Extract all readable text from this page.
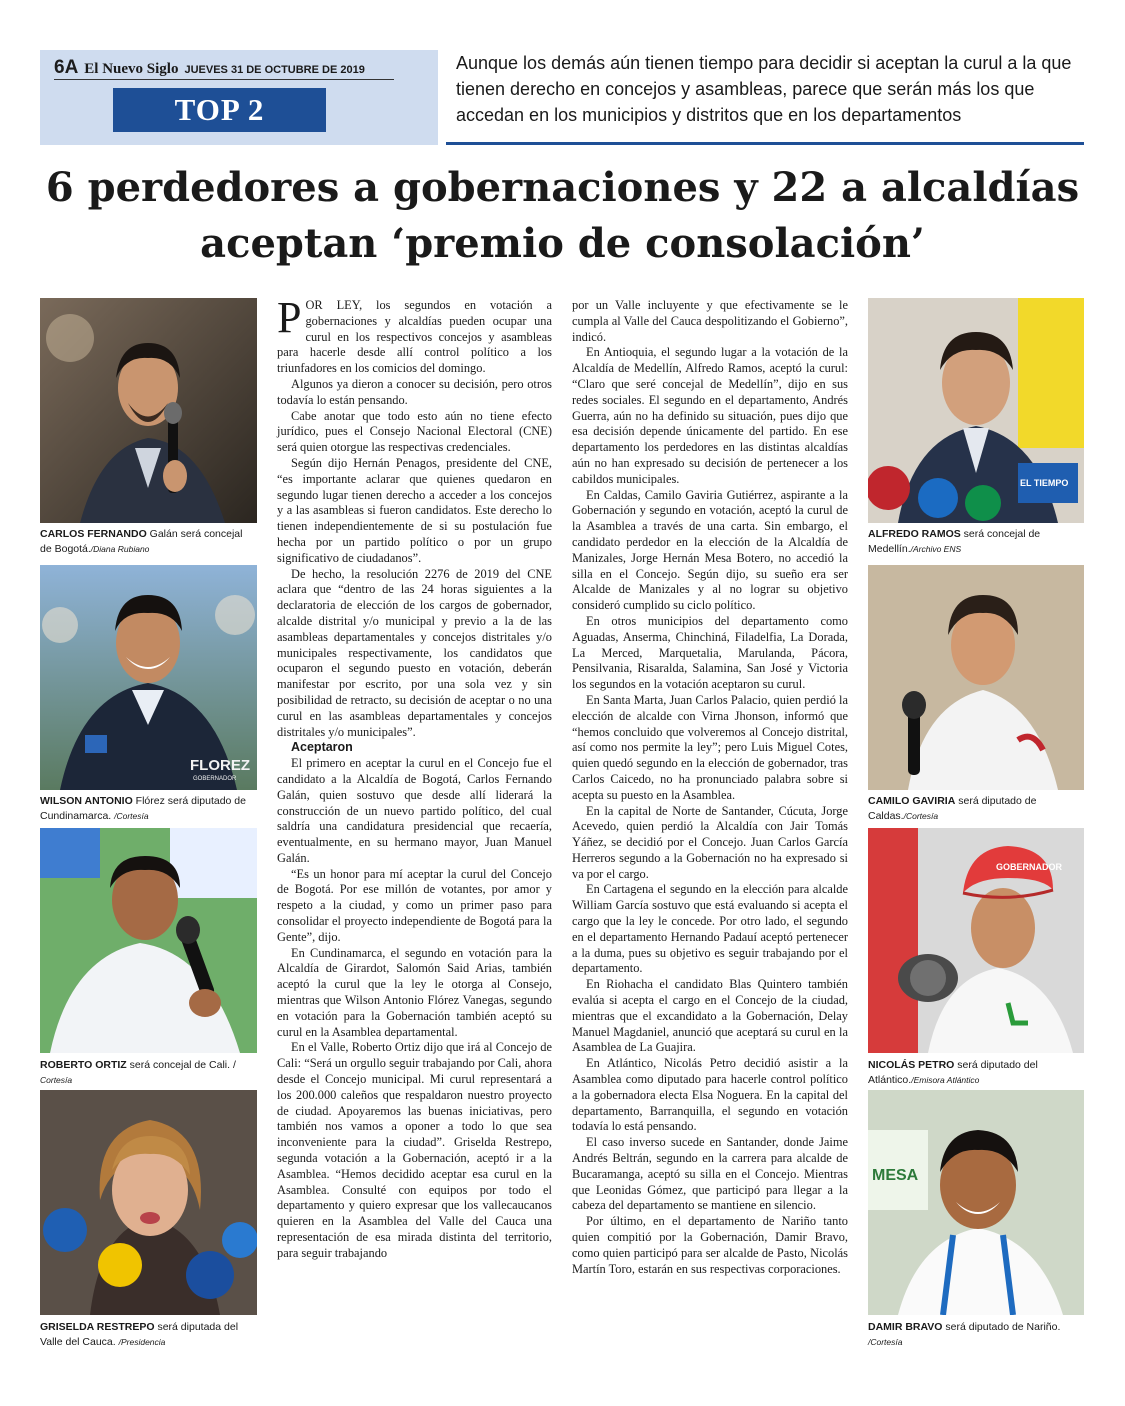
6A El Nuevo Siglo JUEVES 31 DE OCTUBRE DE 2019
TOP 2
Aunque los demás aún tienen tiempo para decidir si aceptan la curul a la que tienen derecho en concejos y asambleas, parece que serán más los que accedan en los municipios y distritos que en los departamentos
6 perdedores a gobernaciones y 22 a alcaldías aceptan ‘premio de consolación’
CARLOS FERNANDO Galán será concejal de Bogotá./Diana Rubiano
FLOREZ
GOBERNADOR
WILSON ANTONIO Flórez será diputado de Cundinamarca. /Cortesía
ROBERTO ORTIZ será concejal de Cali. /
Cortesía
GRISELDA RESTREPO será diputada del Valle del Cauca. /Presidencia
EL TIEMPO
ALFREDO RAMOS será concejal de Medellín./Archivo ENS
CAMILO GAVIRIA será diputado de Caldas./Cortesía
GOBERNADOR
NICOLÁS PETRO será diputado del Atlántico./Emisora Atlántico
MESA
DAMIR BRAVO será diputado de Nariño.
/Cortesía

POR LEY, los segundos en votación a gobernaciones y alcaldías pueden ocupar una curul en los respectivos concejos y asambleas para hacerle desde allí control político a los triunfadores en los comicios del domingo.

Algunos ya dieron a conocer su decisión, pero otros todavía lo están pensando.

Cabe anotar que todo esto aún no tiene efecto jurídico, pues el Consejo Nacional Electoral (CNE) será quien otorgue las respectivas credenciales.

Según dijo Hernán Penagos, presidente del CNE, “es importante aclarar que quienes quedaron en segundo lugar tienen derecho a acceder a los concejos y a las asambleas si fueron candidatos. Este derecho lo tienen independientemente de si su postulación fue hecha por un partido político o por un grupo significativo de ciudadanos”.

De hecho, la resolución 2276 de 2019 del CNE aclara que “dentro de las 24 horas siguientes a la declaratoria de elección de los cargos de gobernador, alcalde distrital y/o municipal y previo a la de las asambleas departamentales y concejos distritales y/o municipales respectivamente, los candidatos que ocuparon el segundo puesto en votación, deberán manifestar por escrito, por una sola vez y sin posibilidad de retracto, su decisión de aceptar o no una curul en las asambleas departamentales y concejos distritales y/o municipales”.

Aceptaron

El primero en aceptar la curul en el Concejo fue el candidato a la Alcaldía de Bogotá, Carlos Fernando Galán, quien sostuvo que desde allí liderará la construcción de un nuevo partido político, del cual saldría una candidatura presidencial que recaería, eventualmente, en su hermano mayor, Juan Manuel Galán.

“Es un honor para mí aceptar la curul del Concejo de Bogotá. Por ese millón de votantes, por amor y respeto a la ciudad, y como un primer paso para consolidar el proyecto independiente de Bogotá para la Gente”, dijo.

En Cundinamarca, el segundo en votación para la Alcaldía de Girardot, Salomón Said Arias, también aceptó la curul que la ley le otorga al Consejo, mientras que Wilson Antonio Flórez Vanegas, segundo en votación para la Gobernación también aceptó su curul en la Asamblea departamental.

En el Valle, Roberto Ortiz dijo que irá al Concejo de Cali: “Será un orgullo seguir trabajando por Cali, ahora desde el Concejo municipal. Mi curul representará a los 200.000 caleños que respaldaron nuestro proyecto de ciudad. Apoyaremos las buenas iniciativas, pero también nos vamos a oponer a todo lo que sea inconveniente para la ciudad”. Griselda Restrepo, segunda votación a la Gobernación, aceptó ir a la Asamblea. “Hemos decidido aceptar esa curul en la Asamblea. Consulté con equipos por todo el departamento y quiero expresar que los vallecaucanos quieren en la Asamblea del Valle del Cauca una representación de esa mirada distinta del territorio, para seguir trabajando

por un Valle incluyente y que efectivamente se le cumpla al Valle del Cauca despolitizando el Gobierno”, indicó.

En Antioquia, el segundo lugar a la votación de la Alcaldía de Medellín, Alfredo Ramos, aceptó la curul: “Claro que seré concejal de Medellín”, dijo en sus redes sociales. El segundo en el departamento, Andrés Guerra, aún no ha definido su situación, pues dijo que esa decisión depende únicamente del partido. En ese departamento los perdedores en las distintas alcaldías aún no han expresado su decisión de pertenecer a los cabildos municipales.

En Caldas, Camilo Gaviria Gutiérrez, aspirante a la Gobernación y segundo en votación, aceptó la curul de la Asamblea a través de una carta. Sin embargo, el candidato perdedor en la elección de la Alcaldía de Manizales, Jorge Hernán Mesa Botero, no accedió la silla en el Concejo. Según dijo, su sueño era ser Alcalde de Manizales y al no lograr su objetivo consideró cumplido su ciclo político.

En otros municipios del departamento como Aguadas, Anserma, Chinchiná, Filadelfia, La Dorada, La Merced, Marquetalia, Marulanda, Pácora, Pensilvania, Risaralda, Salamina, San José y Victoria los segundos en la votación aceptaron su curul.

En Santa Marta, Juan Carlos Palacio, quien perdió la elección de alcalde con Virna Jhonson, informó que “hemos concluido que volveremos al Concejo distrital, así como nos permite la ley”; pero Luis Miguel Cotes, quien quedó segundo en la elección de gobernador, tras Carlos Caicedo, no ha pronunciado palabra sobre si acepta su puesto en la Asamblea.

En la capital de Norte de Santander, Cúcuta, Jorge Acevedo, quien perdió la Alcaldía con Jair Tomás Yáñez, se decidió por el Concejo. Juan Carlos García Herreros segundo a la Gobernación no ha expresado si va por el cargo.

En Cartagena el segundo en la elección para alcalde William García sostuvo que está evaluando si acepta el cargo que la ley le concede. Por otro lado, el segundo en el departamento Hernando Padauí aceptó pertenecer a la duma, pues su objetivo es seguir trabajando por el departamento.

En Riohacha el candidato Blas Quintero también evalúa si acepta el cargo en el Concejo de la ciudad, mientras que el excandidato a la Gobernación, Delay Manuel Magdaniel, anunció que aceptará su curul en la Asamblea de La Guajira.

En Atlántico, Nicolás Petro decidió asistir a la Asamblea como diputado para hacerle control político a la gobernadora electa Elsa Noguera. En la capital del departamento, Barranquilla, el segundo en votación todavía lo está pensando.

El caso inverso sucede en Santander, donde Jaime Andrés Beltrán, segundo en la carrera para alcalde de Bucaramanga, aceptó su silla en el Concejo. Mientras que Leonidas Gómez, que participó para llegar a la cabeza del departamento se mantiene en silencio.

Por último, en el departamento de Nariño tanto quien compitió por la Gobernación, Damir Bravo, como quien participó para ser alcalde de Pasto, Nicolás Martín Toro, estarán en sus respectivas corporaciones.
